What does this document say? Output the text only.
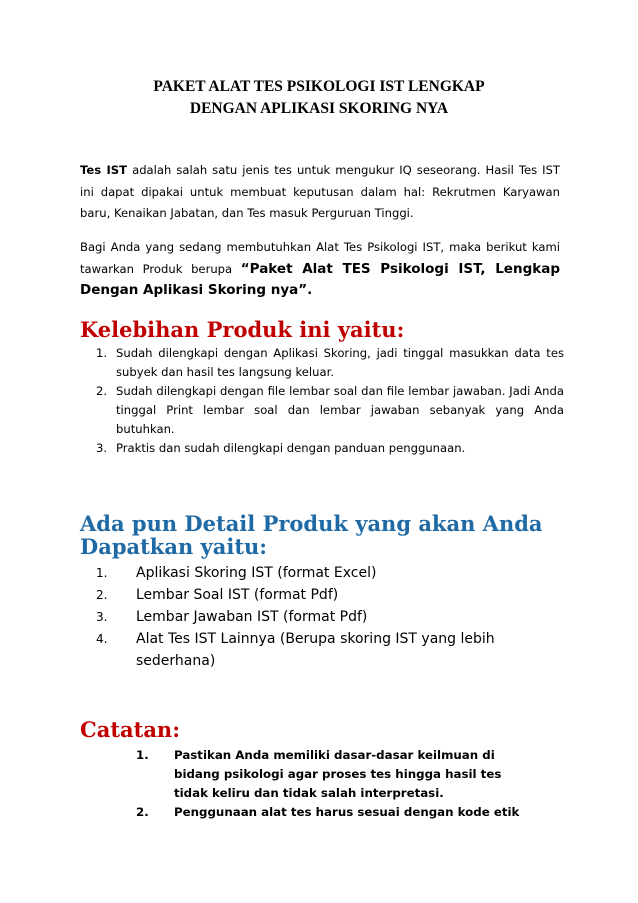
PAKET ALAT TES PSIKOLOGI IST LENGKAP
DENGAN APLIKASI SKORING NYA
Tes IST adalah salah satu jenis tes untuk mengukur IQ seseorang. Hasil Tes IST ini dapat dipakai untuk membuat keputusan dalam hal: Rekrutmen Karyawan baru, Kenaikan Jabatan, dan Tes masuk Perguruan Tinggi.
Bagi Anda yang sedang membutuhkan Alat Tes Psikologi IST, maka berikut kami tawarkan Produk berupa “Paket Alat TES Psikologi IST, Lengkap Dengan Aplikasi Skoring nya”.
Kelebihan Produk ini yaitu:
1. Sudah dilengkapi dengan Aplikasi Skoring, jadi tinggal masukkan data tes subyek dan hasil tes langsung keluar.
2. Sudah dilengkapi dengan file lembar soal dan file lembar jawaban. Jadi Anda tinggal Print lembar soal dan lembar jawaban sebanyak yang Anda butuhkan.
3. Praktis dan sudah dilengkapi dengan panduan penggunaan.
Ada pun Detail Produk yang akan Anda
Dapatkan yaitu:
1. Aplikasi Skoring IST (format Excel)
2. Lembar Soal IST (format Pdf)
3. Lembar Jawaban IST (format Pdf)
4. Alat Tes IST Lainnya (Berupa skoring IST yang lebih sederhana)
Catatan:
1. Pastikan Anda memiliki dasar-dasar keilmuan di bidang psikologi agar proses tes hingga hasil tes tidak keliru dan tidak salah interpretasi.
2. Penggunaan alat tes harus sesuai dengan kode etik
